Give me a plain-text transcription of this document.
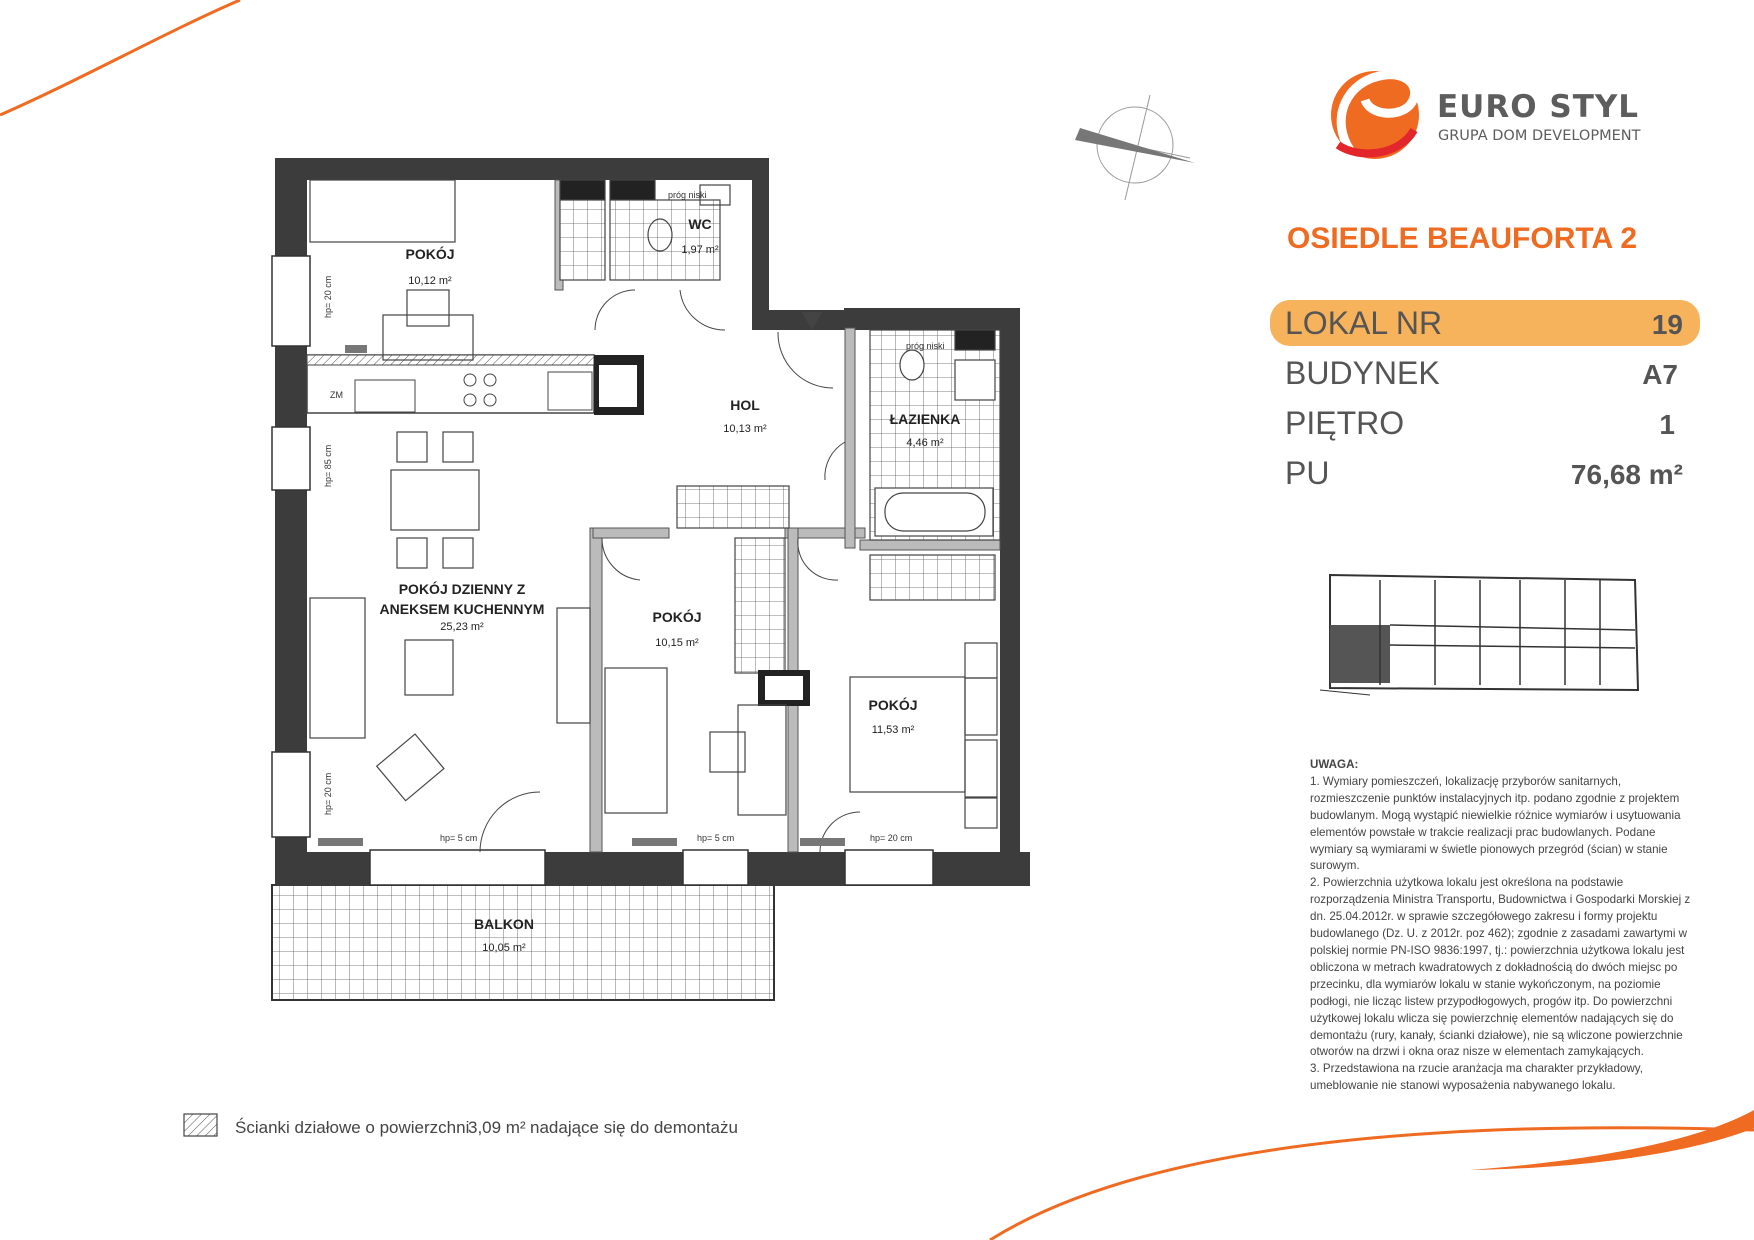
EURO STYL
GRUPA DOM DEVELOPMENT
OSIEDLE BEAUFORTA 2
LOKAL NR	19
BUDYNEK	A7
PIĘTRO	1
PU	76,68 m²
POKÓJ
10,12 m²
WC
1,97 m²
HOL
10,13 m²
ŁAZIENKA
4,46 m²
POKÓJ DZIENNY Z
ANEKSEM KUCHENNYM
25,23 m²
POKÓJ
10,15 m²
POKÓJ
11,53 m²
BALKON
10,05 m²
próg niski
próg niski
ZM
hp= 20 cm
hp= 85 cm
hp= 20 cm
hp= 5 cm	hp= 5 cm	hp= 20 cm
Ścianki działowe o powierzchni
3,09 m² nadające się do demontażu

UWAGA:

1. Wymiary pomieszczeń, lokalizację przyborów sanitarnych, rozmieszczenie punktów instalacyjnych itp. podano zgodnie z projektem budowlanym. Mogą wystąpić niewielkie różnice wymiarów i usytuowania elementów powstałe w trakcie realizacji prac budowlanych. Podane wymiary są wymiarami w świetle pionowych przegród (ścian) w stanie surowym.

2. Powierzchnia użytkowa lokalu jest określona na podstawie rozporządzenia Ministra Transportu, Budownictwa i Gospodarki Morskiej z dn. 25.04.2012r. w sprawie szczegółowego zakresu i formy projektu budowlanego (Dz. U. z 2012r. poz 462); zgodnie z zasadami zawartymi w polskiej normie PN-ISO 9836:1997, tj.: powierzchnia użytkowa lokalu jest obliczona w metrach kwadratowych z dokładnością do dwóch miejsc po przecinku, dla wymiarów lokalu w stanie wykończonym, na poziomie podłogi, nie licząc listew przypodłogowych, progów itp. Do powierzchni użytkowej lokalu wlicza się powierzchnię elementów nadających się do demontażu (rury, kanały, ścianki działowe), nie są wliczone powierzchnie otworów na drzwi i okna oraz nisze w elementach zamykających.

3. Przedstawiona na rzucie aranżacja ma charakter przykładowy, umeblowanie nie stanowi wyposażenia nabywanego lokalu.
